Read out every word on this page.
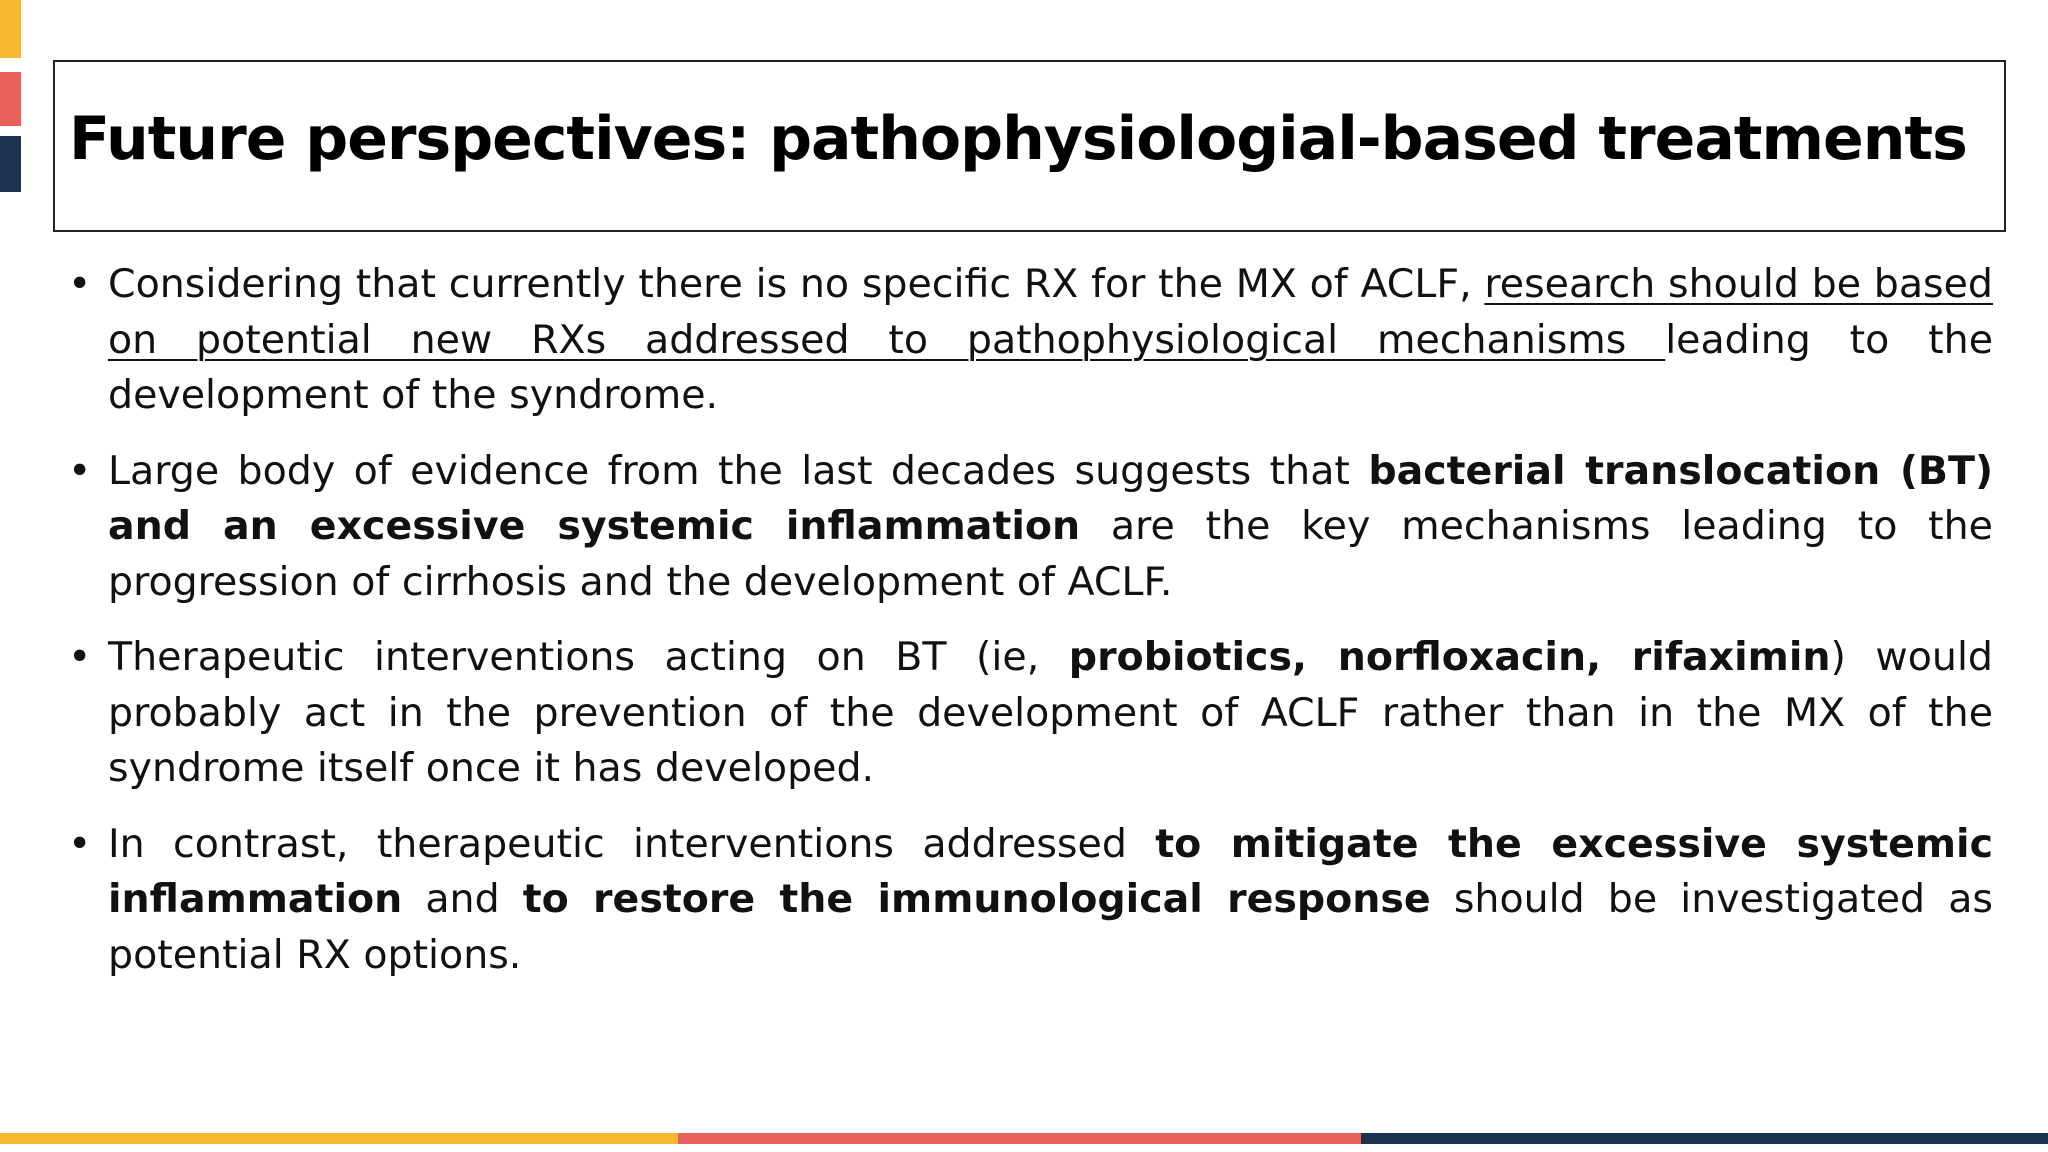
Future perspectives: pathophysiologial-based treatments
• Considering that currently there is no specific RX for the MX of ACLF, research should be based on potential new RXs addressed to pathophysiological mechanisms leading to the development of the syndrome.
• Large body of evidence from the last decades suggests that bacterial translocation (BT) and an excessive systemic inflammation are the key mechanisms leading to the progression of cirrhosis and the development of ACLF.
• Therapeutic interventions acting on BT (ie, probiotics, norfloxacin, rifaximin) would probably act in the prevention of the development of ACLF rather than in the MX of the syndrome itself once it has developed.
• In contrast, therapeutic interventions addressed to mitigate the excessive systemic inflammation and to restore the immunological response should be investigated as potential RX options.
